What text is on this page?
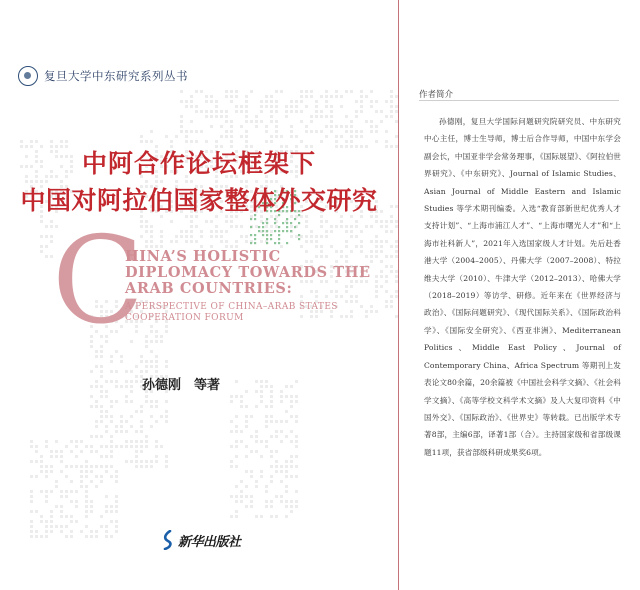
复旦大学中东研究系列丛书
中阿合作论坛框架下
中国对阿拉伯国家整体外交研究
C
HINA’S HOLISTIC
DIPLOMACY TOWARDS THE
ARAB COUNTRIES:
A PERSPECTIVE OF CHINA–ARAB STATES
COOPERATION FORUM
孙德刚　等著
新华出版社
作者简介
孙德刚，复旦大学国际问题研究院研究员、中东研究中心主任，博士生导师，博士后合作导师，中国中东学会副会长，中国亚非学会常务理事，《国际展望》、《阿拉伯世界研究》、《中东研究》、Journal of Islamic Studies、Asian Journal of Middle Eastern and Islamic Studies 等学术期刊编委。入选“教育部新世纪优秀人才支持计划”、“上海市浦江人才”、“上海市曙光人才”和“上海市社科新人”，2021年入选国家级人才计划。先后赴香港大学（2004–2005）、丹佛大学（2007–2008）、特拉维夫大学（2010）、牛津大学（2012–2013）、哈佛大学（2018–2019）等访学、研修。近年来在《世界经济与政治》、《国际问题研究》、《现代国际关系》、《国际政治科学》、《国际安全研究》、《西亚非洲》、Mediterranean Politics、Middle East Policy、Journal of Contemporary China、Africa Spectrum 等期刊上发表论文80余篇，20余篇被《中国社会科学文摘》、《社会科学文摘》、《高等学校文科学术文摘》及人大复印资料《中国外交》、《国际政治》、《世界史》等转载。已出版学术专著8部，主编6部，译著1部（合）。主持国家级和省部级课题11项，获省部级科研成果奖6项。
